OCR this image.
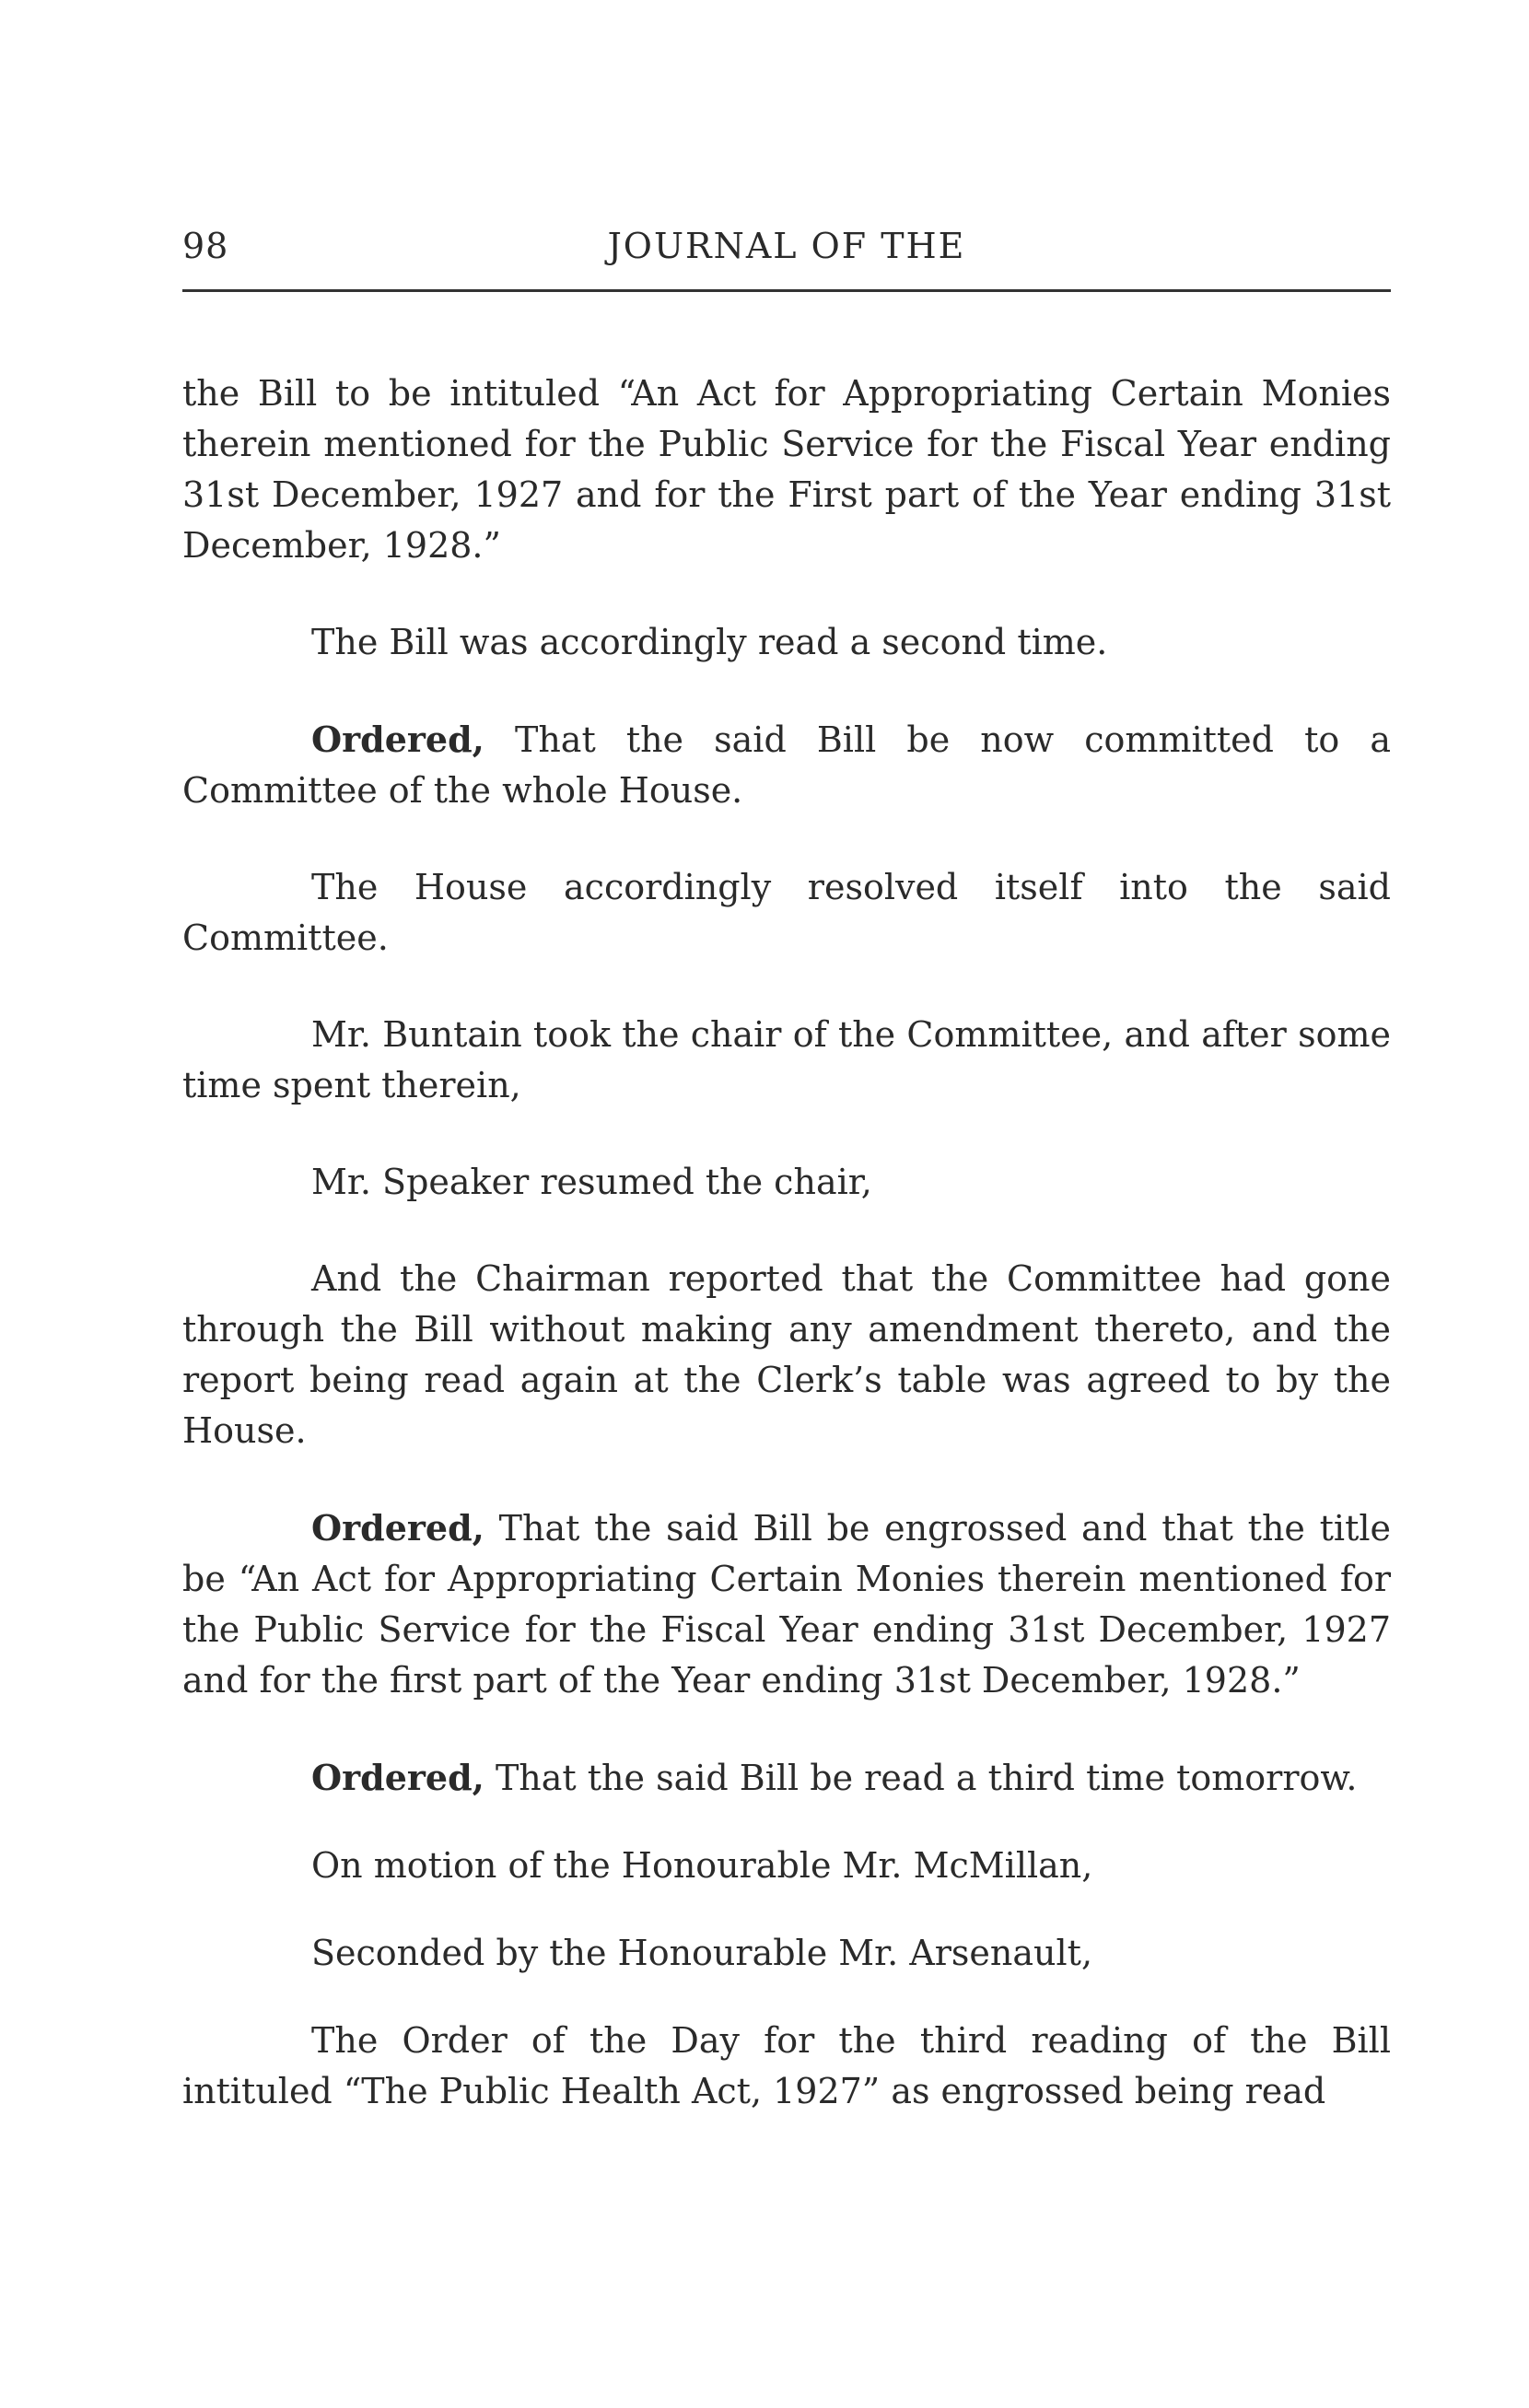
98	JOURNAL OF THE

the Bill to be intituled “An Act for Appropriating Certain Monies therein mentioned for the Public Service for the Fiscal Year ending 31st December, 1927 and for the First part of the Year ending 31st December, 1928.”

The Bill was accordingly read a second time.

Ordered, That the said Bill be now committed to a Committee of the whole House.

The House accordingly resolved itself into the said Committee.

Mr. Buntain took the chair of the Committee, and after some time spent therein,

Mr. Speaker resumed the chair,

And the Chairman reported that the Committee had gone through the Bill without making any amendment thereto, and the report being read again at the Clerk’s table was agreed to by the House.

Ordered, That the said Bill be engrossed and that the title be “An Act for Appropriating Certain Monies therein mentioned for the Public Service for the Fiscal Year ending 31st December, 1927 and for the first part of the Year ending 31st December, 1928.”

Ordered, That the said Bill be read a third time tomorrow.

On motion of the Honourable Mr. McMillan,

Seconded by the Honourable Mr. Arsenault,

The Order of the Day for the third reading of the Bill intituled “The Public Health Act, 1927” as engrossed being read
